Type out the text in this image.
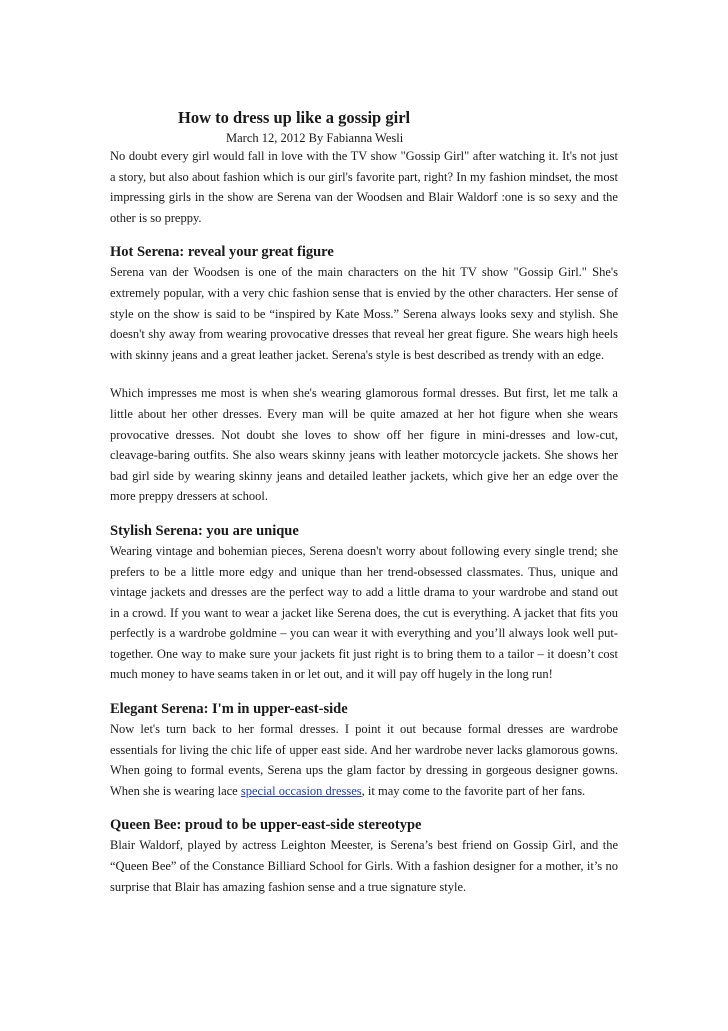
How to dress up like a gossip girl
March 12, 2012 By Fabianna Wesli

No doubt every girl would fall in love with the TV show "Gossip Girl" after watching it. It's not just a story, but also about fashion which is our girl's favorite part, right? In my fashion mindset, the most impressing girls in the show are Serena van der Woodsen and Blair Waldorf :one is so sexy and the other is so preppy.

Hot Serena: reveal your great figure

Serena van der Woodsen is one of the main characters on the hit TV show "Gossip Girl." She's extremely popular, with a very chic fashion sense that is envied by the other characters. Her sense of style on the show is said to be “inspired by Kate Moss.” Serena always looks sexy and stylish. She doesn't shy away from wearing provocative dresses that reveal her great figure. She wears high heels with skinny jeans and a great leather jacket. Serena's style is best described as trendy with an edge.

Which impresses me most is when she's wearing glamorous formal dresses. But first, let me talk a little about her other dresses. Every man will be quite amazed at her hot figure when she wears provocative dresses. Not doubt she loves to show off her figure in mini-dresses and low-cut, cleavage-baring outfits. She also wears skinny jeans with leather motorcycle jackets. She shows her bad girl side by wearing skinny jeans and detailed leather jackets, which give her an edge over the more preppy dressers at school.

Stylish Serena: you are unique

Wearing vintage and bohemian pieces, Serena doesn't worry about following every single trend; she prefers to be a little more edgy and unique than her trend-obsessed classmates. Thus, unique and vintage jackets and dresses are the perfect way to add a little drama to your wardrobe and stand out in a crowd. If you want to wear a jacket like Serena does, the cut is everything. A jacket that fits you perfectly is a wardrobe goldmine – you can wear it with everything and you’ll always look well put-together. One way to make sure your jackets fit just right is to bring them to a tailor – it doesn’t cost much money to have seams taken in or let out, and it will pay off hugely in the long run!

Elegant Serena: I'm in upper-east-side

Now let's turn back to her formal dresses. I point it out because formal dresses are wardrobe essentials for living the chic life of upper east side. And her wardrobe never lacks glamorous gowns. When going to formal events, Serena ups the glam factor by dressing in gorgeous designer gowns. When she is wearing lace special occasion dresses, it may come to the favorite part of her fans.

Queen Bee: proud to be upper-east-side stereotype

Blair Waldorf, played by actress Leighton Meester, is Serena’s best friend on Gossip Girl, and the “Queen Bee” of the Constance Billiard School for Girls. With a fashion designer for a mother, it’s no surprise that Blair has amazing fashion sense and a true signature style.
